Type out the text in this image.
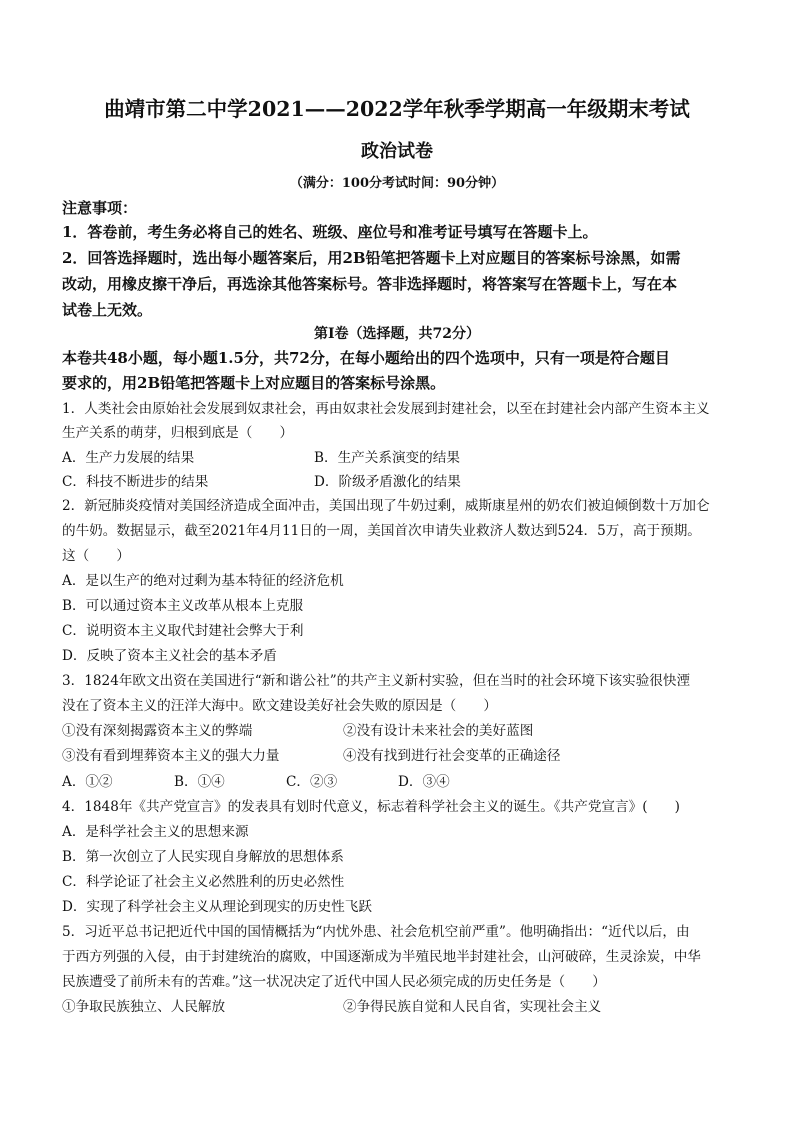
曲靖市第二中学2021——2022学年秋季学期高一年级期末考试
政治试卷
（满分：100分考试时间：90分钟）
注意事项：
1．答卷前，考生务必将自己的姓名、班级、座位号和准考证号填写在答题卡上。
2．回答选择题时，选出每小题答案后，用2B铅笔把答题卡上对应题目的答案标号涂黑，如需
改动，用橡皮擦干净后，再选涂其他答案标号。答非选择题时，将答案写在答题卡上，写在本
试卷上无效。
第Ⅰ卷（选择题，共72分）
本卷共48小题，每小题1.5分，共72分，在每小题给出的四个选项中，只有一项是符合题目
要求的，用2B铅笔把答题卡上对应题目的答案标号涂黑。
1．人类社会由原始社会发展到奴隶社会，再由奴隶社会发展到封建社会，以至在封建社会内部产生资本主义
生产关系的萌芽，归根到底是（　　）
A．生产力发展的结果	B．生产关系演变的结果
C．科技不断进步的结果	D．阶级矛盾激化的结果
2．新冠肺炎疫情对美国经济造成全面冲击，美国出现了牛奶过剩，威斯康星州的奶农们被迫倾倒数十万加仑
的牛奶。数据显示，截至2021年4月11日的一周，美国首次申请失业救济人数达到524．5万，高于预期。
这（　　）
A．是以生产的绝对过剩为基本特征的经济危机
B．可以通过资本主义改革从根本上克服
C．说明资本主义取代封建社会弊大于利
D．反映了资本主义社会的基本矛盾
3．1824年欧文出资在美国进行“新和谐公社”的共产主义新村实验，但在当时的社会环境下该实验很快湮
没在了资本主义的汪洋大海中。欧文建设美好社会失败的原因是（　　）
①没有深刻揭露资本主义的弊端	②没有设计未来社会的美好蓝图
③没有看到埋葬资本主义的强大力量	④没有找到进行社会变革的正确途径
A．①②	B．①④	C．②③	D．③④
4．1848年《共产党宣言》的发表具有划时代意义，标志着科学社会主义的诞生。《共产党宣言》(　　)
A．是科学社会主义的思想来源
B．第一次创立了人民实现自身解放的思想体系
C．科学论证了社会主义必然胜利的历史必然性
D．实现了科学社会主义从理论到现实的历史性飞跃
5．习近平总书记把近代中国的国情概括为“内忧外患、社会危机空前严重”。他明确指出：“近代以后，由
于西方列强的入侵，由于封建统治的腐败，中国逐渐成为半殖民地半封建社会，山河破碎，生灵涂炭，中华
民族遭受了前所未有的苦难。”这一状况决定了近代中国人民必须完成的历史任务是（　　）
①争取民族独立、人民解放	②争得民族自觉和人民自省，实现社会主义
